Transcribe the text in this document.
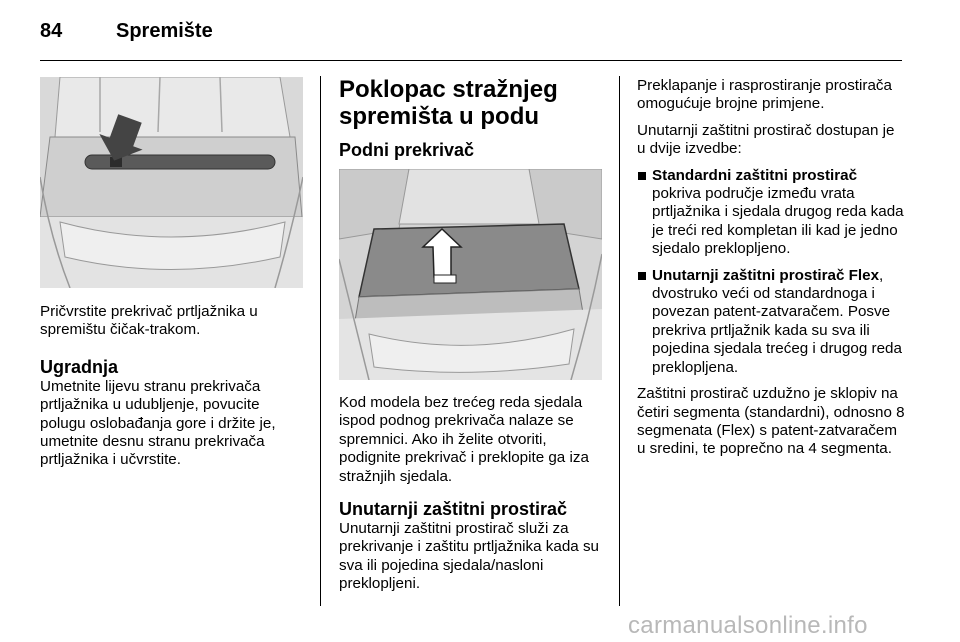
84	Spremište

Pričvrstite prekrivač prtljažnika u spremištu čičak-trakom.

Ugradnja

Umetnite lijevu stranu prekrivača prtljažnika u udubljenje, povucite polugu oslobađanja gore i držite je, umetnite desnu stranu prekrivača prtljažnika i učvrstite.

Poklopac stražnjeg spremišta u podu
Podni prekrivač

Kod modela bez trećeg reda sjedala ispod podnog prekrivača nalaze se spremnici. Ako ih želite otvoriti, podignite prekrivač i preklopite ga iza stražnjih sjedala.

Unutarnji zaštitni prostirač

Unutarnji zaštitni prostirač služi za prekrivanje i zaštitu prtljažnika kada su sva ili pojedina sjedala/nasloni preklopljeni.

Preklapanje i rasprostiranje prostirača omogućuje brojne primjene.

Unutarnji zaštitni prostirač dostupan je u dvije izvedbe:

Standardni zaštitni prostirač
pokriva područje između vrata prtljažnika i sjedala drugog reda kada je treći red kompletan ili kad je jedno sjedalo preklopljeno.
Unutarnji zaštitni prostirač Flex,
dvostruko veći od standardnoga i povezan patent-zatvaračem. Posve prekriva prtljažnik kada su sva ili pojedina sjedala trećeg i drugog reda preklopljena.

Zaštitni prostirač uzdužno je sklopiv na četiri segmenta (standardni), odnosno 8 segmenata (Flex) s patent-zatvaračem u sredini, te poprečno na 4 segmenta.

carmanualsonline.info
